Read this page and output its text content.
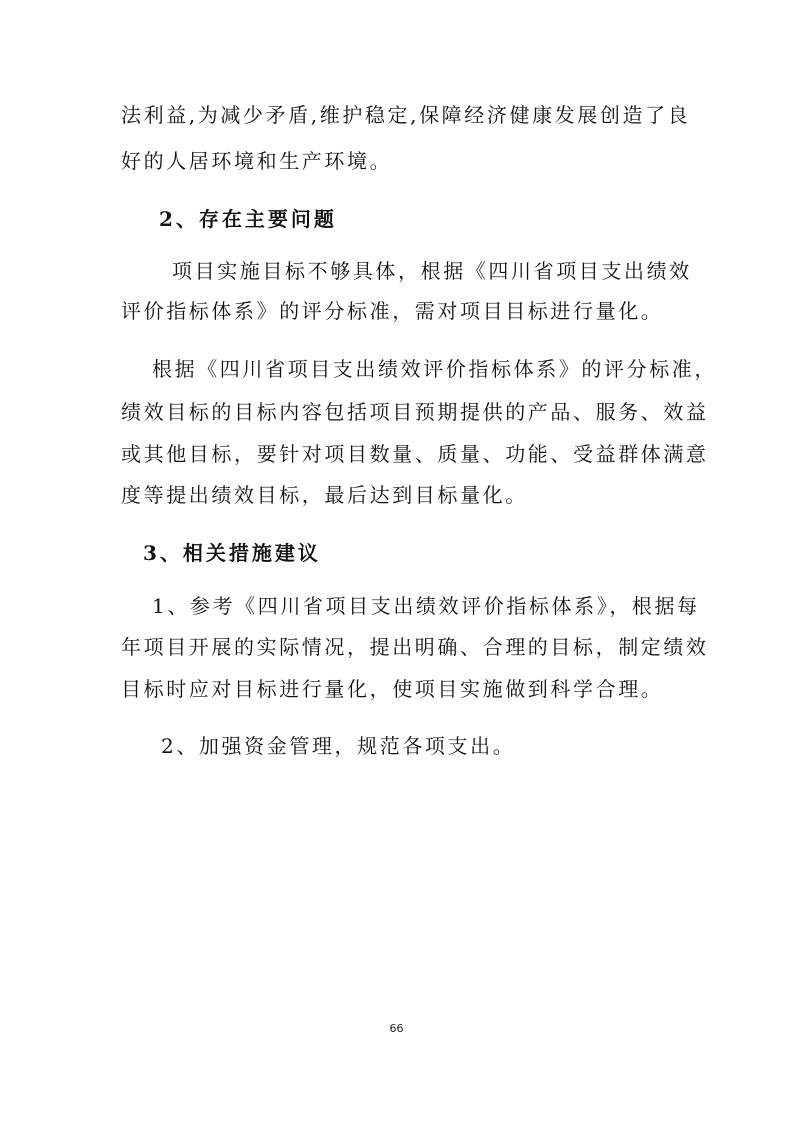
法利益,为减少矛盾,维护稳定,保障经济健康发展创造了良
好的人居环境和生产环境。
2、存在主要问题
项目实施目标不够具体，根据《四川省项目支出绩效
评价指标体系》的评分标准，需对项目目标进行量化。
根据《四川省项目支出绩效评价指标体系》的评分标准，
绩效目标的目标内容包括项目预期提供的产品、服务、效益
或其他目标，要针对项目数量、质量、功能、受益群体满意
度等提出绩效目标，最后达到目标量化。
3、相关措施建议
1、参考《四川省项目支出绩效评价指标体系》，根据每
年项目开展的实际情况，提出明确、合理的目标，制定绩效
目标时应对目标进行量化，使项目实施做到科学合理。
2、加强资金管理，规范各项支出。
66
